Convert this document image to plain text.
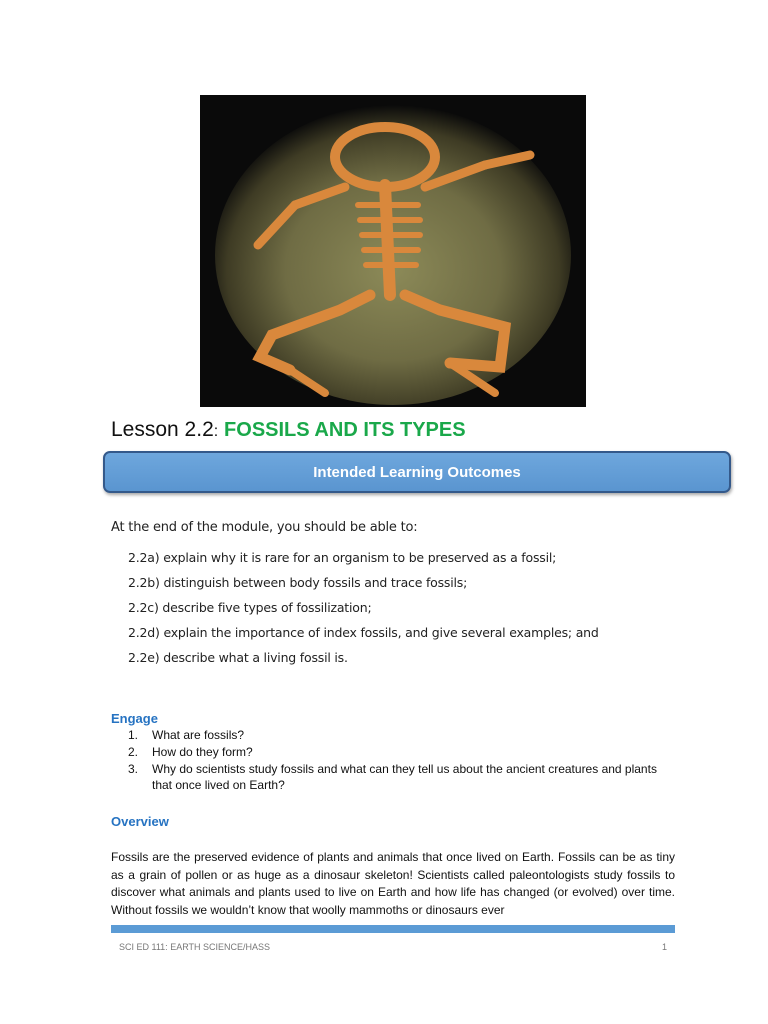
Lesson 2.2: FOSSILS AND ITS TYPES
Intended Learning Outcomes
At the end of the module, you should be able to:
2.2a) explain why it is rare for an organism to be preserved as a fossil;
2.2b) distinguish between body fossils and trace fossils;
2.2c) describe five types of fossilization;
2.2d) explain the importance of index fossils, and give several examples; and
2.2e) describe what a living fossil is.
Engage
1.	What are fossils?
2.	How do they form?
3.	Why do scientists study fossils and what can they tell us about the ancient creatures and plants that once lived on Earth?
Overview

Fossils are the preserved evidence of plants and animals that once lived on Earth. Fossils can be as tiny as a grain of pollen or as huge as a dinosaur skeleton! Scientists called paleontologists study fossils to discover what animals and plants used to live on Earth and how life has changed (or evolved) over time. Without fossils we wouldn’t know that woolly mammoths or dinosaurs ever

SCI ED 111: EARTH SCIENCE/HASS	1
